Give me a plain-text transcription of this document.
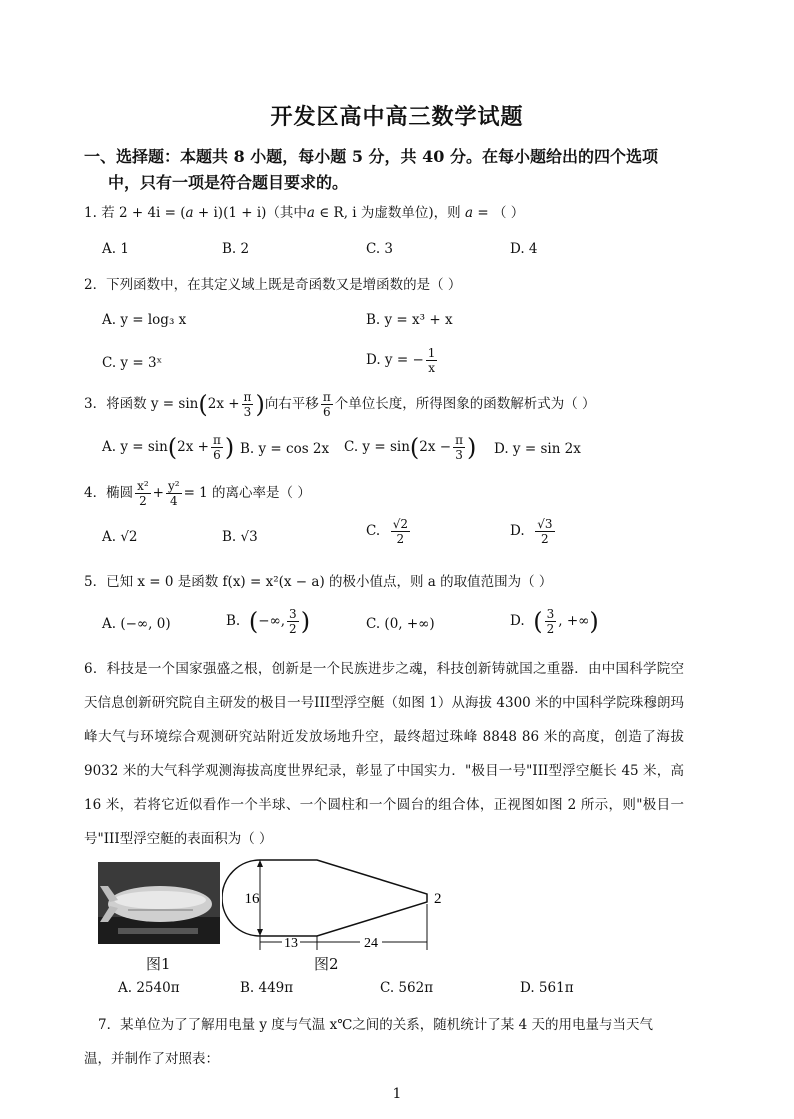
开发区高中高三数学试题
一、选择题：本题共 8 小题，每小题 5 分，共 40 分。在每小题给出的四个选项
中，只有一项是符合题目要求的。
1. 若 2 + 4i = (a + i)(1 + i)（其中a ∈ R, i 为虚数单位)，则 a = （ ）
A. 1	B. 2	C. 3	D. 4
2．下列函数中，在其定义域上既是奇函数又是增函数的是（ ）
A. y = log₃ x	B. y = x³ + x
C. y = 3ˣ	D. y = − $\frac{1}{x}$
3．将函数 $y = \sin(2x + \frac{\pi}{3}$ )向右平移 $\frac{\pi}{6}$ 个单位长度，所得图象的函数解析式为（ ）
A. $y = \sin(2x + \frac{\pi}{6}$ ) B. y = cos 2x C. $y = \sin(2x - \frac{\pi}{3}$ ) D. y = sin 2x
4．椭圆 $\frac{\text{x²}}{2} + \frac{\text{y²}}{4} = 1$ 的离心率是（ ）
A. √2	B. √3	C. $\frac{√2}{2}$	D. $\frac{√3}{2}$
5．已知 x = 0 是函数 f(x) = x²(x − a) 的极小值点，则 a 的取值范围为（ ）
A. (−∞, 0)	B. (−∞, $\frac{3}{2}$ )	C. (0, +∞)	D. ( $\frac{3}{2}$ , +∞)
6．科技是一个国家强盛之根，创新是一个民族进步之魂，科技创新铸就国之重器．由中国科学院空天信息创新研究院自主研发的极目一号III型浮空艇（如图 1）从海拔 4300 米的中国科学院珠穆朗玛峰大气与环境综合观测研究站附近发放场地升空，最终超过珠峰 8848 86 米的高度，创造了海拔 9032 米的大气科学观测海拔高度世界纪录，彰显了中国实力．"极目一号"III型浮空艇长 45 米，高 16 米，若将它近似看作一个半球、一个圆柱和一个圆台的组合体，正视图如图 2 所示，则"极目一号"III型浮空艇的表面积为（ ）
图1
16	2
13	24
图2
A. 2540π	B. 449π	C. 562π	D. 561π
7．某单位为了了解用电量 y 度与气温 x℃之间的关系，随机统计了某 4 天的用电量与当天气
温，并制作了对照表：
1
